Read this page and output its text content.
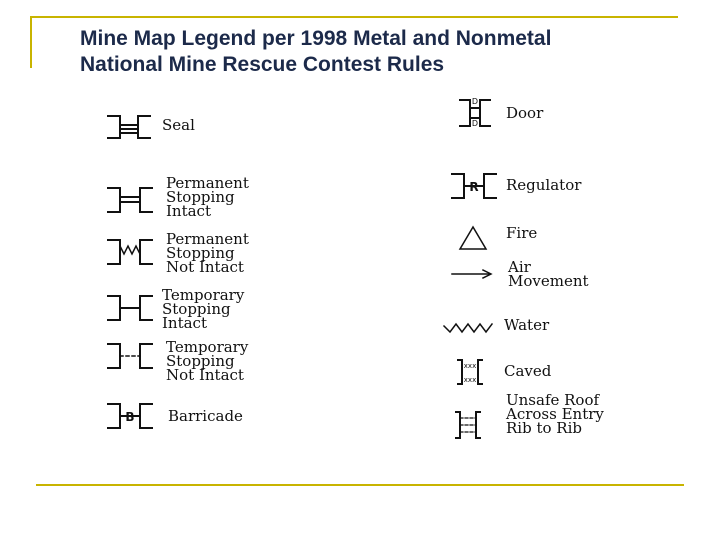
Mine Map Legend per 1998 Metal and Nonmetal
National Mine Rescue Contest Rules
B
D
D
R
xxx
xxx
Seal
Permanent
Stopping
Intact
Permanent
Stopping
Not Intact
Temporary
Stopping
Intact
Temporary
Stopping
Not Intact
Barricade
Door
Regulator
Fire
Air
Movement
Water
Caved
Unsafe Roof
Across Entry
Rib to Rib
